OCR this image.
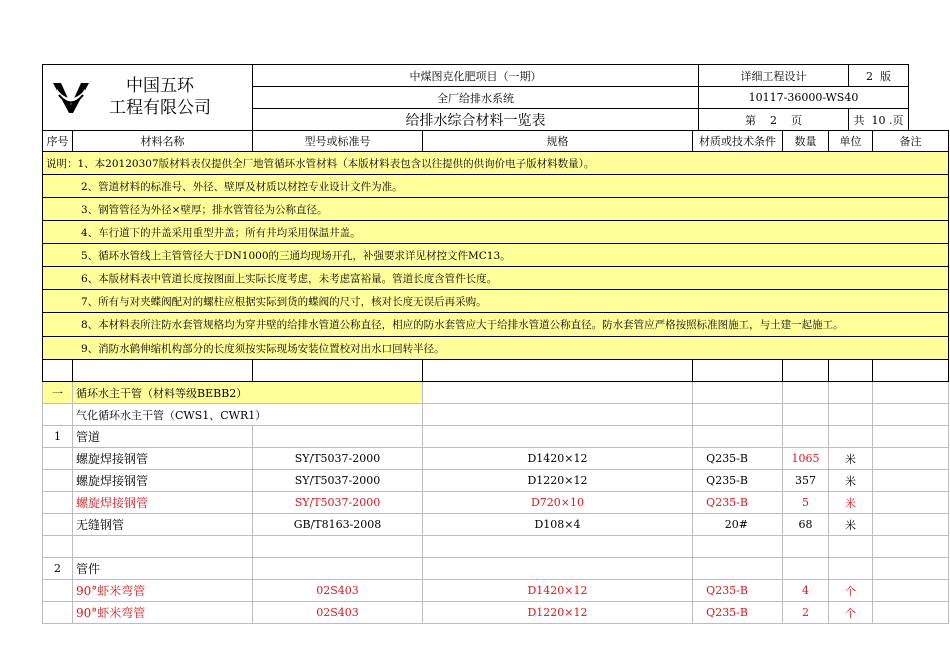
中国五环
工程有限公司	中煤图克化肥项目（一期）	详细工程设计	2 版
	全厂给排水系统	10117-36000-WS40	
	给排水综合材料一览表	第 2 页	共 10 .页
序号	材料名称	型号或标准号	规格	材质或技术条件	数量	单位	备注
说明：1、本20120307版材料表仅提供全厂地管循环水管材料（本版材料表包含以往提供的供询价电子版材料数量）。							
2、管道材料的标准号、外径、壁厚及材质以材控专业设计文件为准。							
3、钢管管径为外径×壁厚；排水管管径为公称直径。							
4、车行道下的井盖采用重型井盖；所有井均采用保温井盖。							
5、循环水管线上主管管径大于DN1000的三通均现场开孔，补强要求详见材控文件MC13。							
6、本版材料表中管道长度按图面上实际长度考虑，未考虑富裕量。管道长度含管件长度。							
7、所有与对夹蝶阀配对的螺柱应根据实际到货的蝶阀的尺寸，核对长度无误后再采购。							
8、本材料表所注防水套管规格均为穿井壁的给排水管道公称直径，相应的防水套管应大于给排水管道公称直径。防水套管应严格按照标准图施工，与土建一起施工。							
9、消防水鹤伸缩机构部分的长度须按实际现场安装位置校对出水口回转半径。							

一	循环水主干管（材料等级BEBB2）						
	气化循环水主干管（CWS1、CWR1）						
1	管道						
	螺旋焊接钢管	SY/T5037-2000	D1420×12	Q235-B	1065	米	
	螺旋焊接钢管	SY/T5037-2000	D1220×12	Q235-B	357	米	
	螺旋焊接钢管	SY/T5037-2000	D720×10	Q235-B	5	米	
	无缝钢管	GB/T8163-2008	D108×4	20#	68	米	

2	管件						
	90°虾米弯管	02S403	D1420×12	Q235-B	4	个	
	90°虾米弯管	02S403	D1220×12	Q235-B	2	个	
